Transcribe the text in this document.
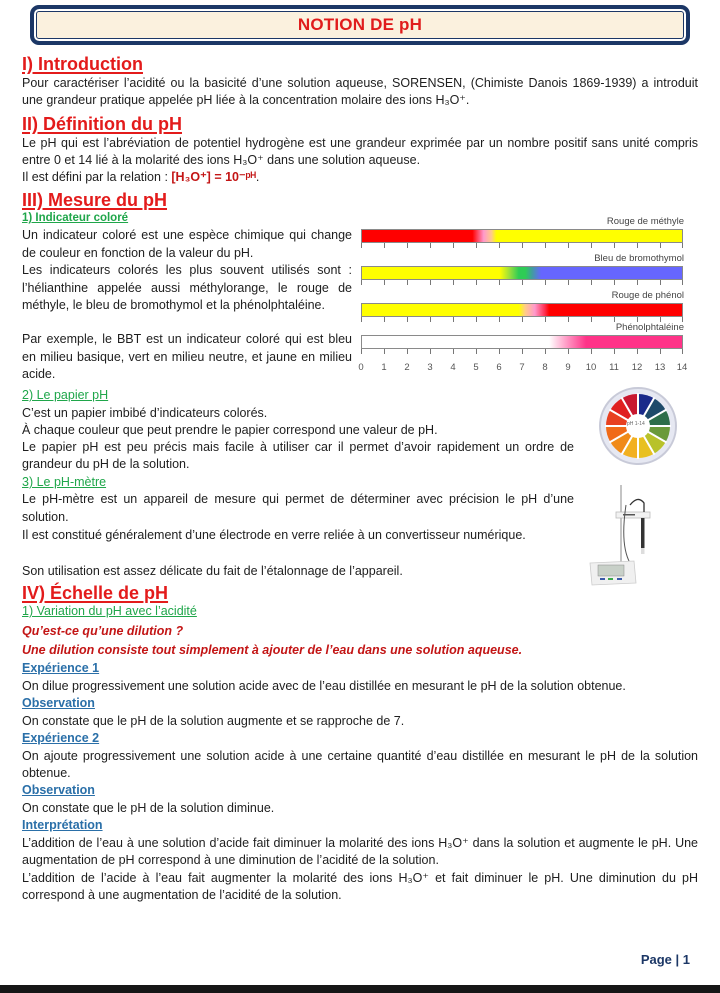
NOTION DE pH
I) Introduction
Pour caractériser l’acidité ou la basicité d’une solution aqueuse, SORENSEN, (Chimiste Danois 1869-1939) a introduit une grandeur pratique appelée pH liée à la concentration molaire des ions H₃O⁺.
II) Définition du pH
Le pH qui est l’abréviation de potentiel hydrogène est une grandeur exprimée par un nombre positif sans unité compris entre 0 et 14 lié à la molarité des ions H₃O⁺ dans une solution aqueuse.
Il est défini par la relation : [H₃O⁺] = 10⁻ᵖᴴ.
III) Mesure du pH
1) Indicateur coloré
Un indicateur coloré est une espèce chimique qui change de couleur en fonction de la valeur du pH.
Les indicateurs colorés les plus souvent utilisés sont : l’hélianthine appelée aussi méthylorange, le rouge de méthyle, le bleu de bromothymol et la phénolphtaléine.
Par exemple, le BBT est un indicateur coloré qui est bleu en milieu basique, vert en milieu neutre, et jaune en milieu acide.
Rouge de méthyle
Bleu de bromothymol
Rouge de phénol
Phénolphtaléine
0 1 2 3 4 5 6 7 8 9 10 11 12 13 14
2) Le papier pH
C’est un papier imbibé d’indicateurs colorés.
À chaque couleur que peut prendre le papier correspond une valeur de pH.
Le papier pH est peu précis mais facile à utiliser car il permet d’avoir rapidement un ordre de grandeur du pH de la solution.
pH 1-14
3) Le pH-mètre
Le pH-mètre est un appareil de mesure qui permet de déterminer avec précision le pH d’une solution.
Il est constitué généralement d’une électrode en verre reliée à un convertisseur numérique.
Son utilisation est assez délicate du fait de l’étalonnage de l’appareil.
IV) Échelle de pH
1) Variation du pH avec l’acidité
Qu’est-ce qu’une dilution ?
Une dilution consiste tout simplement à ajouter de l’eau dans une solution aqueuse.
Expérience 1
On dilue progressivement une solution acide avec de l’eau distillée en mesurant le pH de la solution obtenue.
Observation
On constate que le pH de la solution augmente et se rapproche de 7.
Expérience 2
On ajoute progressivement une solution acide à une certaine quantité d’eau distillée en mesurant le pH de la solution obtenue.
Observation
On constate que le pH de la solution diminue.
Interprétation
L’addition de l’eau à une solution d’acide fait diminuer la molarité des ions H₃O⁺ dans la solution et augmente le pH. Une augmentation de pH correspond à une diminution de l’acidité de la solution.
L’addition de l’acide à l’eau fait augmenter la molarité des ions H₃O⁺ et fait diminuer le pH. Une diminution du pH correspond à une augmentation de l’acidité de la solution.
Page | 1
